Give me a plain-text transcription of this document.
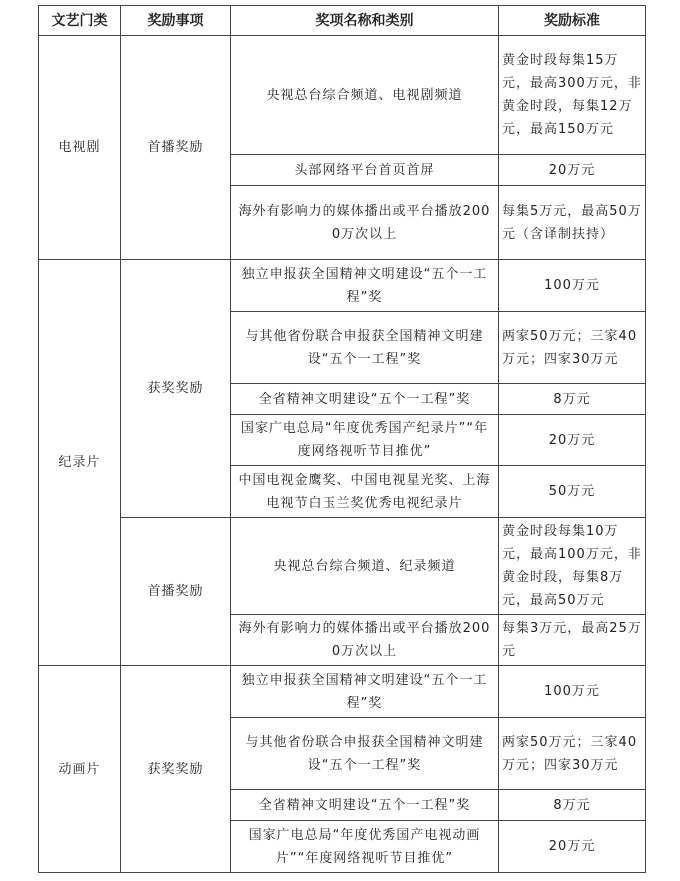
文艺门类	奖励事项	奖项名称和类别	奖励标准
电视剧	首播奖励	央视总台综合频道、电视剧频道	黄金时段每集15万元，最高300万元，非黄金时段，每集12万元，最高150万元
		头部网络平台首页首屏	20万元
		海外有影响力的媒体播出或平台播放2000万次以上	每集5万元，最高50万元（含译制扶持）
纪录片	获奖奖励	独立申报获全国精神文明建设“五个一工程”奖	100万元
		与其他省份联合申报获全国精神文明建设“五个一工程”奖	两家50万元；三家40万元；四家30万元
		全省精神文明建设“五个一工程”奖	8万元
		国家广电总局“年度优秀国产纪录片”“年度网络视听节目推优”	20万元
		中国电视金鹰奖、中国电视星光奖、上海电视节白玉兰奖优秀电视纪录片	50万元
	首播奖励	央视总台综合频道、纪录频道	黄金时段每集10万元，最高100万元，非黄金时段，每集8万元，最高50万元
		海外有影响力的媒体播出或平台播放2000万次以上	每集3万元，最高25万元
动画片	获奖奖励	独立申报获全国精神文明建设“五个一工程”奖	100万元
		与其他省份联合申报获全国精神文明建设“五个一工程”奖	两家50万元；三家40万元；四家30万元
		全省精神文明建设“五个一工程”奖	8万元
		国家广电总局“年度优秀国产电视动画片”“年度网络视听节目推优”	20万元
